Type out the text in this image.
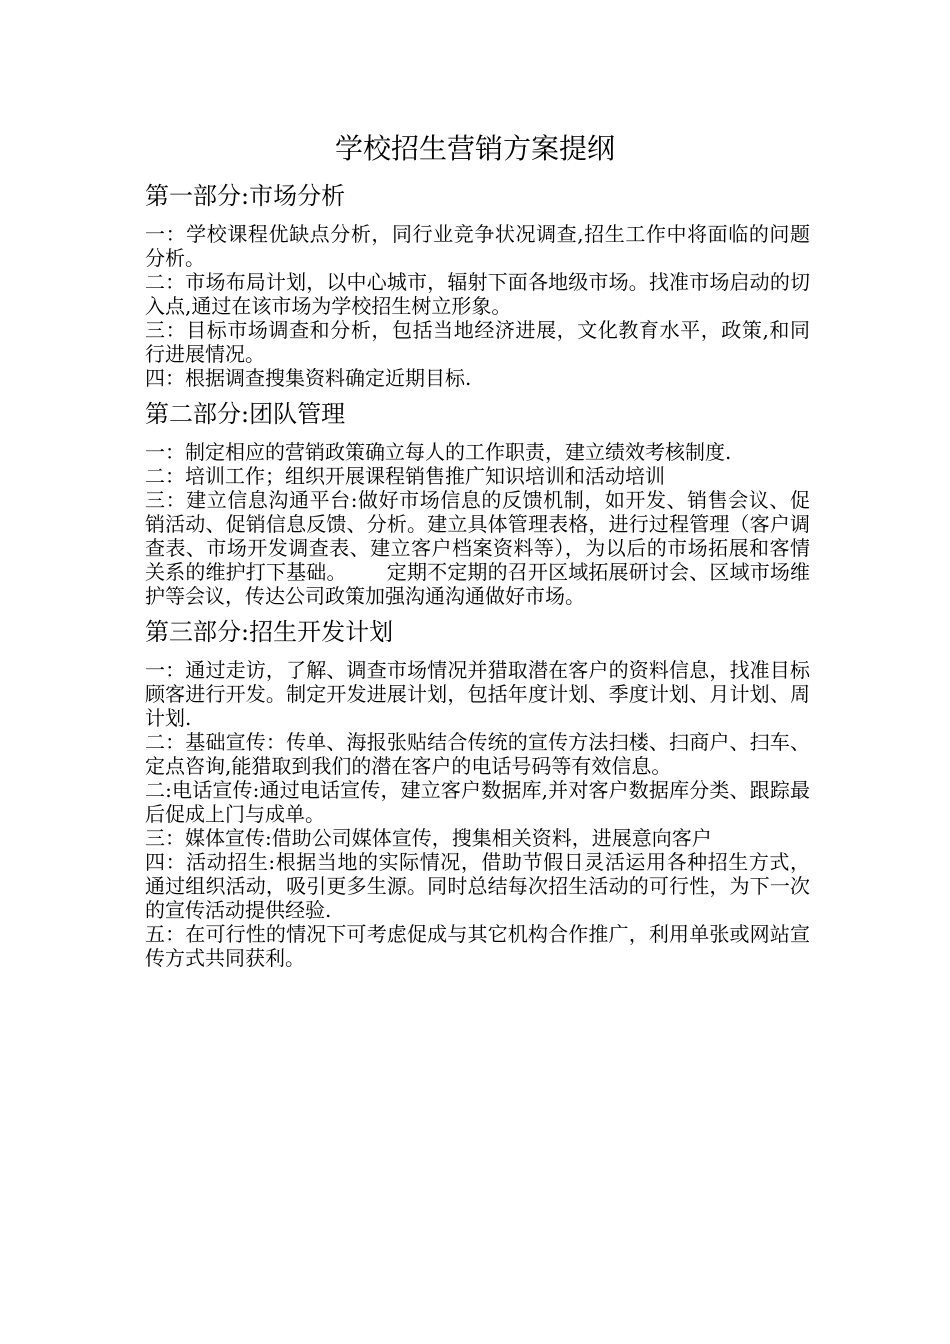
学校招生营销方案提纲
第一部分:市场分析

一：学校课程优缺点分析，同行业竞争状况调查,招生工作中将面临的问题分析。

二：市场布局计划，以中心城市，辐射下面各地级市场。找准市场启动的切入点,通过在该市场为学校招生树立形象。

三：目标市场调查和分析，包括当地经济进展，文化教育水平，政策,和同行进展情况。

四：根据调查搜集资料确定近期目标.

第二部分:团队管理

一：制定相应的营销政策确立每人的工作职责，建立绩效考核制度.

二：培训工作；组织开展课程销售推广知识培训和活动培训

三：建立信息沟通平台:做好市场信息的反馈机制，如开发、销售会议、促销活动、促销信息反馈、分析。建立具体管理表格，进行过程管理（客户调查表、市场开发调查表、建立客户档案资料等），为以后的市场拓展和客情关系的维护打下基础。 定期不定期的召开区域拓展研讨会、区域市场维护等会议，传达公司政策加强沟通沟通做好市场。

第三部分:招生开发计划

一：通过走访，了解、调查市场情况并猎取潜在客户的资料信息，找准目标顾客进行开发。制定开发进展计划，包括年度计划、季度计划、月计划、周计划.

二：基础宣传：传单、海报张贴结合传统的宣传方法扫楼、扫商户、扫车、定点咨询,能猎取到我们的潜在客户的电话号码等有效信息。

二:电话宣传:通过电话宣传，建立客户数据库,并对客户数据库分类、跟踪最后促成上门与成单。

三：媒体宣传:借助公司媒体宣传，搜集相关资料，进展意向客户

四：活动招生:根据当地的实际情况，借助节假日灵活运用各种招生方式，通过组织活动，吸引更多生源。同时总结每次招生活动的可行性，为下一次的宣传活动提供经验.

五：在可行性的情况下可考虑促成与其它机构合作推广，利用单张或网站宣传方式共同获利。
